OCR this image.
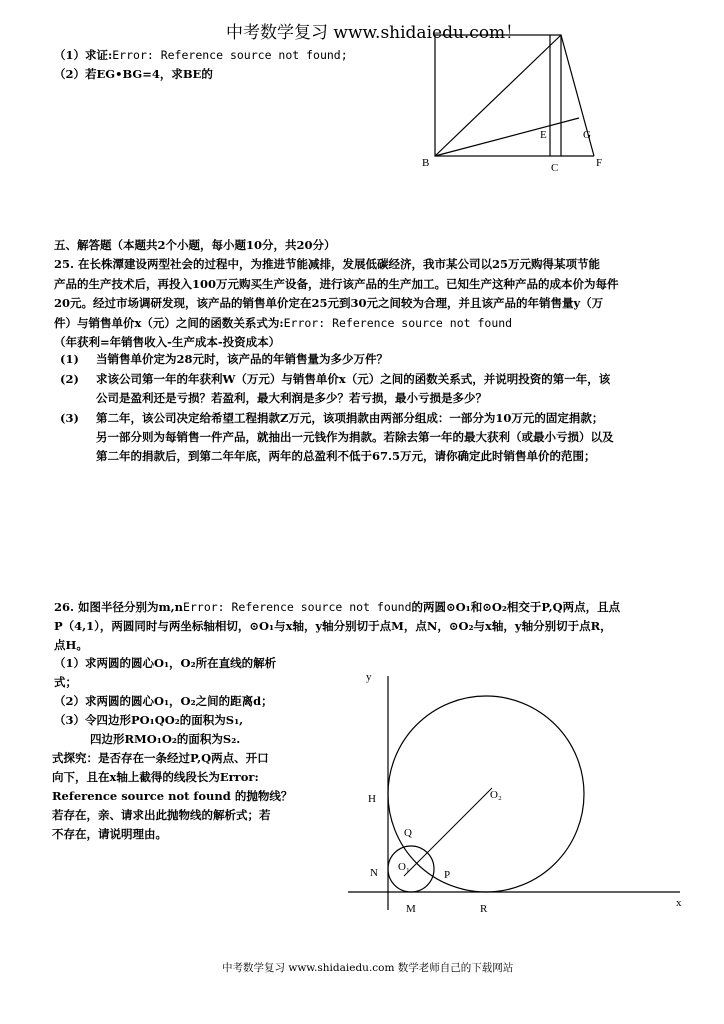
中考数学复习 www.shidaiedu.com！
（1）求证:Error: Reference source not found;
（2）若EG•BG=4，求BE的
B	C	F
E	G
五、解答题（本题共2个小题，每小题10分，共20分）
25. 在长株潭建设两型社会的过程中，为推进节能减排，发展低碳经济，我市某公司以25万元购得某项节能
产品的生产技术后，再投入100万元购买生产设备，进行该产品的生产加工。已知生产这种产品的成本价为每件
20元。经过市场调研发现，该产品的销售单价定在25元到30元之间较为合理，并且该产品的年销售量y（万
件）与销售单价x（元）之间的函数关系式为:Error: Reference source not found
（年获利=年销售收入-生产成本-投资成本）
(1) 当销售单价定为28元时，该产品的年销售量为多少万件？
(2) 求该公司第一年的年获利W（万元）与销售单价x（元）之间的函数关系式，并说明投资的第一年，该
公司是盈利还是亏损？若盈利，最大利润是多少？若亏损，最小亏损是多少？
(3) 第二年，该公司决定给希望工程捐款Z万元，该项捐款由两部分组成：一部分为10万元的固定捐款；
另一部分则为每销售一件产品，就抽出一元钱作为捐款。若除去第一年的最大获利（或最小亏损）以及
第二年的捐款后，到第二年年底，两年的总盈利不低于67.5万元，请你确定此时销售单价的范围；
26. 如图半径分别为m,nError: Reference source not found的两圆⊙O₁和⊙O₂相交于P,Q两点，且点
P（4,1），两圆同时与两坐标轴相切，⊙O₁与x轴，y轴分别切于点M，点N，⊙O₂与x轴，y轴分别切于点R，
点H。
（1）求两圆的圆心O₁，O₂所在直线的解析
式；
（2）求两圆的圆心O₁，O₂之间的距离d；
（3）令四边形PO₁QO₂的面积为S₁,
四边形RMO₁O₂的面积为S₂.
式探究：是否存在一条经过P,Q两点、开口
向下，且在x轴上截得的线段长为Error:
Reference source not found 的抛物线？
若存在，亲、请求出此抛物线的解析式；若
不存在，请说明理由。
y
x
H
N
M	R
O₂
O₁
Q
P
中考数学复习 www.shidaiedu.com 数学老师自己的下载网站
